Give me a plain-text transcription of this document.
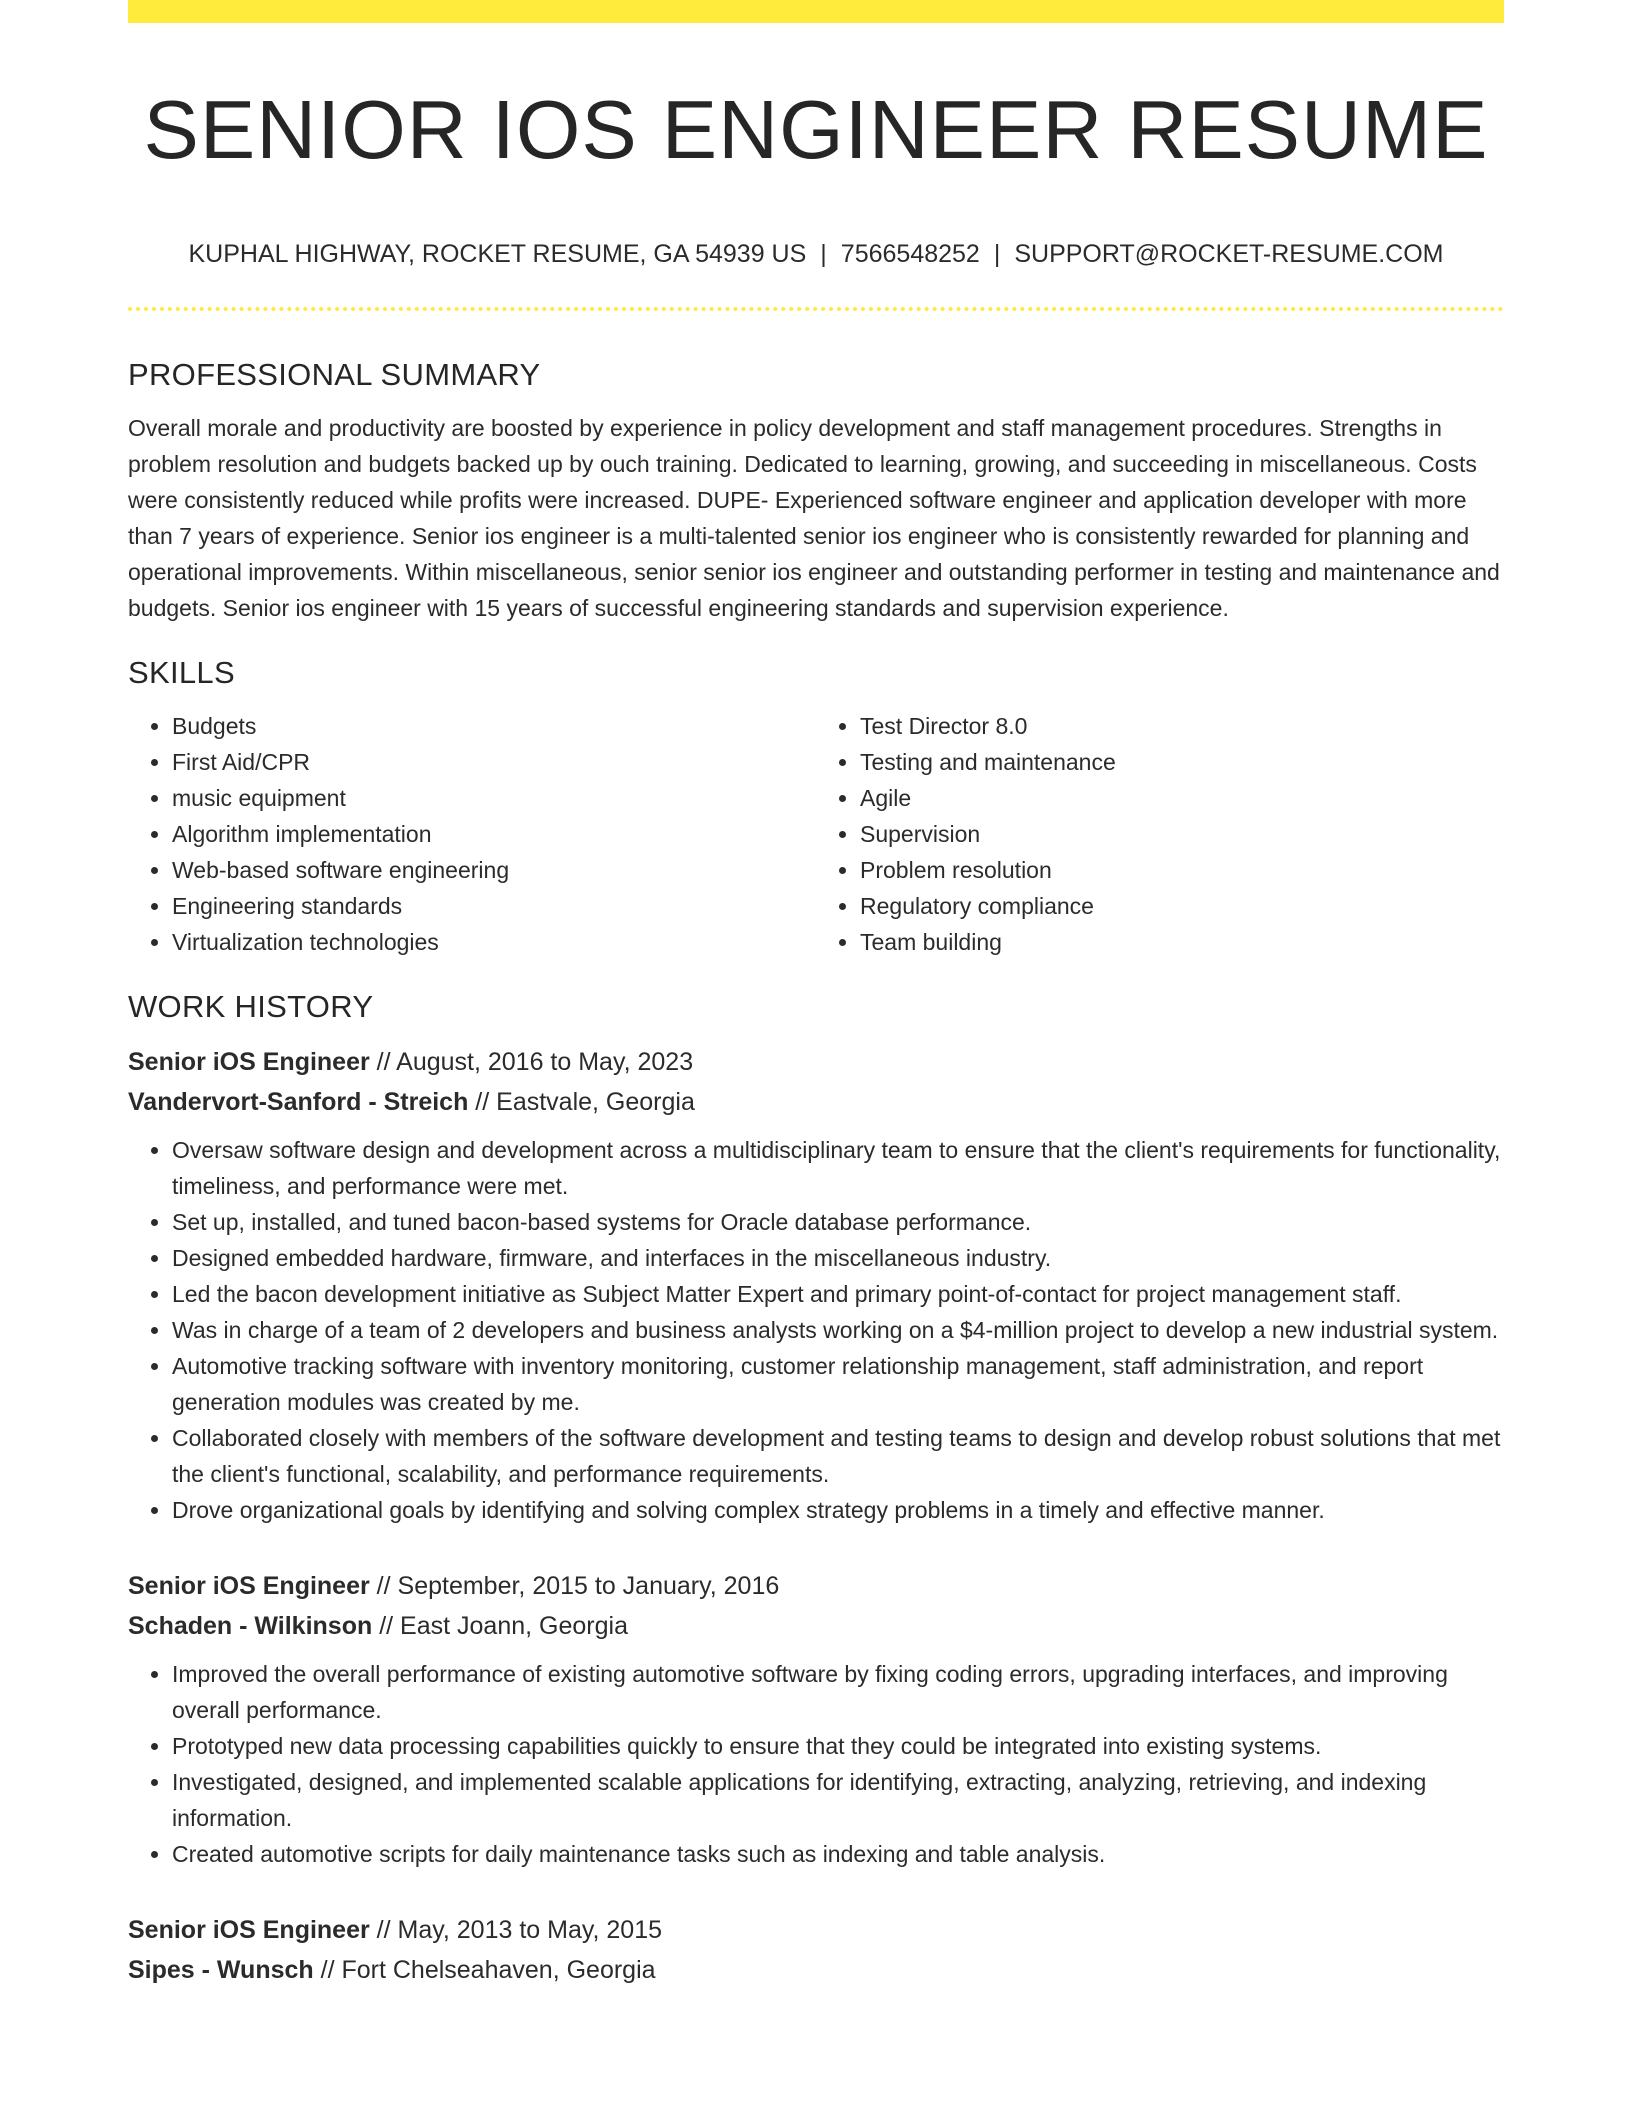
SENIOR IOS ENGINEER RESUME
KUPHAL HIGHWAY, ROCKET RESUME, GA 54939 US | 7566548252 | SUPPORT@ROCKET-RESUME.COM
PROFESSIONAL SUMMARY

Overall morale and productivity are boosted by experience in policy development and staff management procedures. Strengths in problem resolution and budgets backed up by ouch training. Dedicated to learning, growing, and succeeding in miscellaneous. Costs were consistently reduced while profits were increased. DUPE- Experienced software engineer and application developer with more than 7 years of experience. Senior ios engineer is a multi-talented senior ios engineer who is consistently rewarded for planning and operational improvements. Within miscellaneous, senior senior ios engineer and outstanding performer in testing and maintenance and budgets. Senior ios engineer with 15 years of successful engineering standards and supervision experience.

SKILLS
• Budgets
• First Aid/CPR
• music equipment
• Algorithm implementation
• Web-based software engineering
• Engineering standards
• Virtualization technologies
• Test Director 8.0
• Testing and maintenance
• Agile
• Supervision
• Problem resolution
• Regulatory compliance
• Team building
WORK HISTORY

Senior iOS Engineer // August, 2016 to May, 2023

Vandervort-Sanford - Streich // Eastvale, Georgia

• Oversaw software design and development across a multidisciplinary team to ensure that the client's requirements for functionality, timeliness, and performance were met.
• Set up, installed, and tuned bacon-based systems for Oracle database performance.
• Designed embedded hardware, firmware, and interfaces in the miscellaneous industry.
• Led the bacon development initiative as Subject Matter Expert and primary point-of-contact for project management staff.
• Was in charge of a team of 2 developers and business analysts working on a $4-million project to develop a new industrial system.
• Automotive tracking software with inventory monitoring, customer relationship management, staff administration, and report generation modules was created by me.
• Collaborated closely with members of the software development and testing teams to design and develop robust solutions that met the client's functional, scalability, and performance requirements.
• Drove organizational goals by identifying and solving complex strategy problems in a timely and effective manner.

Senior iOS Engineer // September, 2015 to January, 2016

Schaden - Wilkinson // East Joann, Georgia

• Improved the overall performance of existing automotive software by fixing coding errors, upgrading interfaces, and improving overall performance.
• Prototyped new data processing capabilities quickly to ensure that they could be integrated into existing systems.
• Investigated, designed, and implemented scalable applications for identifying, extracting, analyzing, retrieving, and indexing information.
• Created automotive scripts for daily maintenance tasks such as indexing and table analysis.

Senior iOS Engineer // May, 2013 to May, 2015

Sipes - Wunsch // Fort Chelseahaven, Georgia
